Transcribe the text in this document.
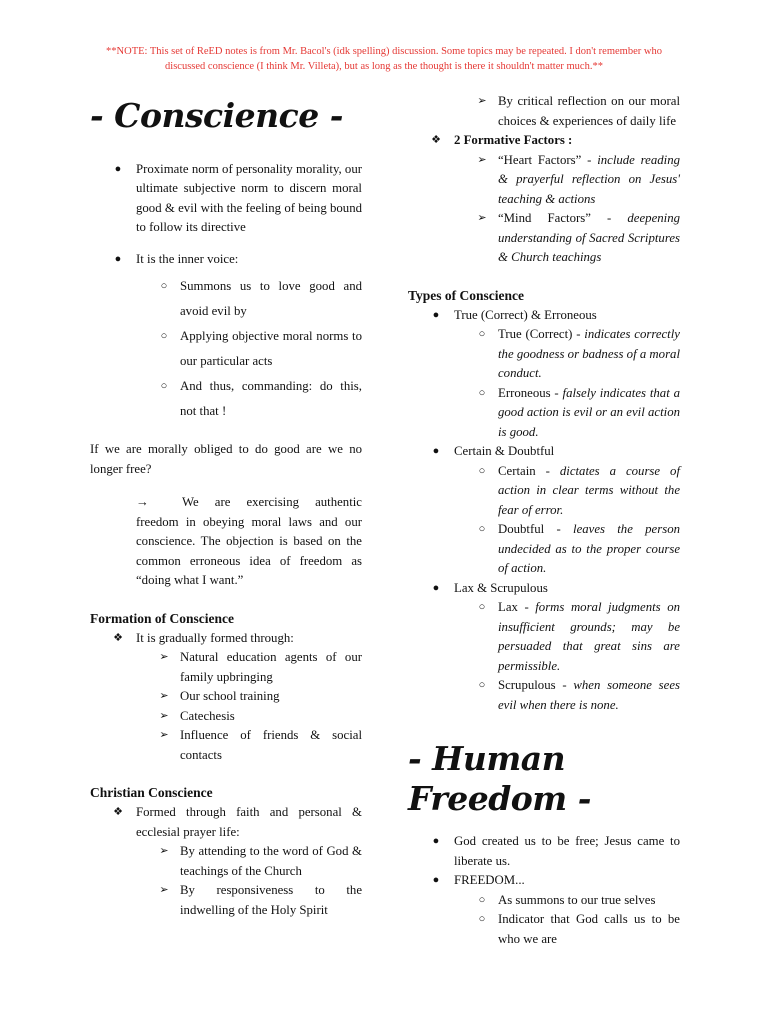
**NOTE: This set of ReED notes is from Mr. Bacol's (idk spelling) discussion. Some topics may be repeated. I don't remember who discussed conscience (I think Mr. Villeta), but as long as the thought is there it shouldn't matter much.**
- Conscience -
●	Proximate norm of personality morality, our ultimate subjective norm to discern moral good & evil with the feeling of being bound to follow its directive
●	It is the inner voice:
○ Summons us to love good and avoid evil by
○ Applying objective moral norms to our particular acts
○ And thus, commanding: do this, not that !

If we are morally obliged to do good are we no longer free?

→	We are exercising authentic freedom in obeying moral laws and our conscience. The objection is based on the common erroneous idea of freedom as “doing what I want.”

Formation of Conscience
❖	It is gradually formed through:
➢ Natural education agents of our family upbringing
➢ Our school training
➢ Catechesis
➢ Influence of friends & social contacts
Christian Conscience
❖	Formed through faith and personal & ecclesial prayer life:
➢ By attending to the word of God & teachings of the Church
➢ By responsiveness to the indwelling of the Holy Spirit
➢ By critical reflection on our moral choices & experiences of daily life
❖	2 Formative Factors :
➢ “Heart Factors” - include reading & prayerful reflection on Jesus' teaching & actions
➢ “Mind Factors” - deepening understanding of Sacred Scriptures & Church teachings
Types of Conscience
●	True (Correct) & Erroneous
○ True (Correct) - indicates correctly the goodness or badness of a moral conduct.
○ Erroneous - falsely indicates that a good action is evil or an evil action is good.
●	Certain & Doubtful
○ Certain - dictates a course of action in clear terms without the fear of error.
○ Doubtful - leaves the person undecided as to the proper course of action.
●	Lax & Scrupulous
○ Lax - forms moral judgments on insufficient grounds; may be persuaded that great sins are permissible.
○ Scrupulous - when someone sees evil when there is none.
- Human Freedom -
●	God created us to be free; Jesus came to liberate us.
●	FREEDOM...
○ As summons to our true selves
○ Indicator that God calls us to be who we are
